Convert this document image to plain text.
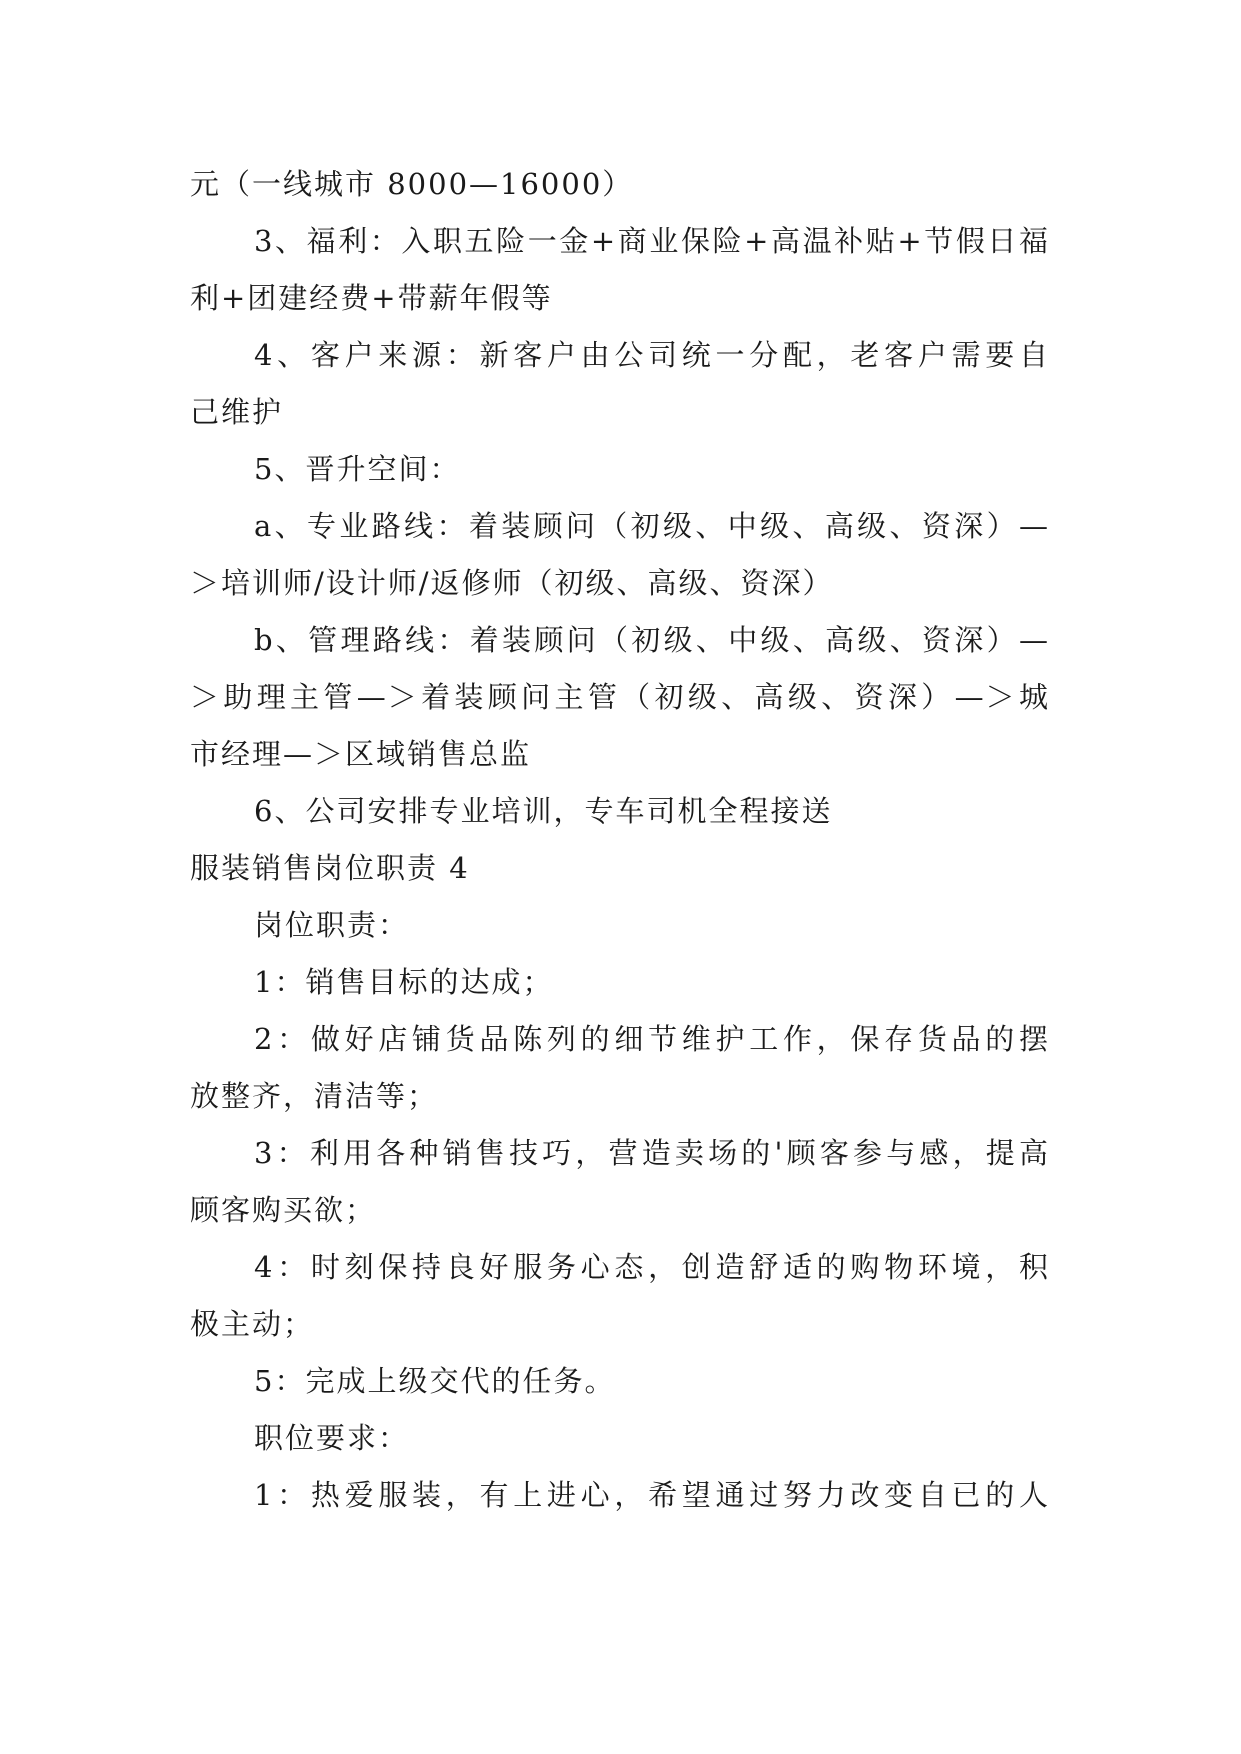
元（一线城市 8000—16000）
3、福利：入职五险一金+商业保险+高温补贴+节假日福
利+团建经费+带薪年假等
4、客户来源：新客户由公司统一分配，老客户需要自
己维护
5、晋升空间：
a、专业路线：着装顾问（初级、中级、高级、资深）—
＞培训师/设计师/返修师（初级、高级、资深）
b、管理路线：着装顾问（初级、中级、高级、资深）—
＞助理主管—＞着装顾问主管（初级、高级、资深）—＞城
市经理—＞区域销售总监
6、公司安排专业培训，专车司机全程接送
服装销售岗位职责 4
岗位职责：
1：销售目标的达成；
2：做好店铺货品陈列的细节维护工作，保存货品的摆
放整齐，清洁等；
3：利用各种销售技巧，营造卖场的'顾客参与感，提高
顾客购买欲；
4：时刻保持良好服务心态，创造舒适的购物环境，积
极主动；
5：完成上级交代的任务。
职位要求：
1：热爱服装，有上进心，希望通过努力改变自已的人
